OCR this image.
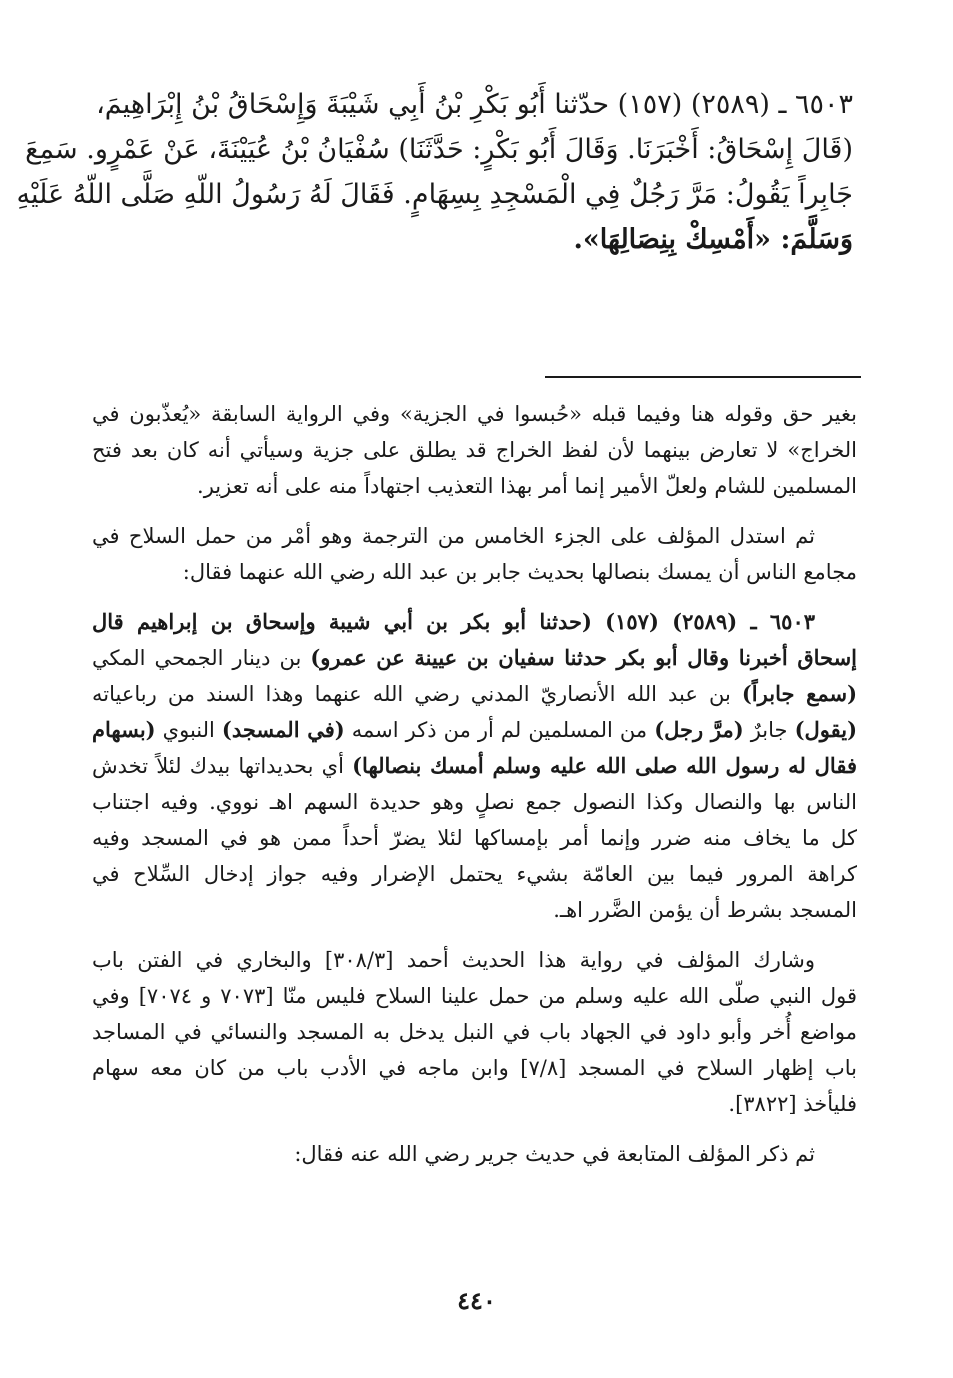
٦٥٠٣ ـ (٢٥٨٩) (١٥٧) حدّثنا أَبُو بَكْرِ بْنُ أَبِي شَيْبَةَ وَإِسْحَاقُ بْنُ إِبْرَاهِيمَ،
(قَالَ إِسْحَاقُ: أَخْبَرَنَا. وَقَالَ أَبُو بَكْرٍ: حَدَّثَنَا) سُفْيَانُ بْنُ عُيَيْنَةَ، عَنْ عَمْرٍو. سَمِعَ
جَابِراً يَقُولُ: مَرَّ رَجُلٌ فِي الْمَسْجِدِ بِسِهَامٍ. فَقَالَ لَهُ رَسُولُ اللّهِ صَلَّى اللّهُ عَلَيْهِ
وَسَلَّمَ: «أَمْسِكْ بِنِصَالِهَا».
بغير حق وقوله هنا وفيما قبله «حُبسوا في الجزية» وفي الرواية السابقة «يُعذّبون في
الخراج» لا تعارض بينهما لأن لفظ الخراج قد يطلق على جزية وسيأتي أنه كان بعد فتح
المسلمين للشام ولعلّ الأمير إنما أمر بهذا التعذيب اجتهاداً منه على أنه تعزير.
ثم استدل المؤلف على الجزء الخامس من الترجمة وهو أمْر من حمل السلاح في
مجامع الناس أن يمسك بنصالها بحديث جابر بن عبد الله رضي الله عنهما فقال:
٦٥٠٣ ـ (٢٥٨٩) (١٥٧) (حدثنا أبو بكر بن أبي شيبة وإسحاق بن إبراهيم قال
إسحاق أخبرنا وقال أبو بكر حدثنا سفيان بن عيينة عن عمرو) بن دينار الجمحي المكي
(سمع جابراً) بن عبد الله الأنصاريّ المدني رضي الله عنهما وهذا السند من رباعياته
(يقول) جابرٌ (مرَّ رجل) من المسلمين لم أر من ذكر اسمه (في المسجد) النبوي (بسهام
فقال له رسول الله صلى الله عليه وسلم أمسك بنصالها) أي بحديداتها بيدك لئلاً تخدش
الناس بها والنصال وكذا النصول جمع نصلٍ وهو حديدة السهم اهـ نووي. وفيه اجتناب
كل ما يخاف منه ضرر وإنما أمر بإمساكها لئلا يضرّ أحداً ممن هو في المسجد وفيه
كراهة المرور فيما بين العامّة بشيء يحتمل الإضرار وفيه جواز إدخال السِّلاح في
المسجد بشرط أن يؤمن الضَّرر اهـ.
وشارك المؤلف في رواية هذا الحديث أحمد [٣٠٨/٣] والبخاري في الفتن باب
قول النبي صلّى الله عليه وسلم من حمل علينا السلاح فليس منّا [٧٠٧٣ و ٧٠٧٤] وفي
مواضع أُخر وأبو داود في الجهاد باب في النبل يدخل به المسجد والنسائي في المساجد
باب إظهار السلاح في المسجد [٧/٨] وابن ماجه في الأدب باب من كان معه سهام
فليأخذ [٣٨٢٢].
ثم ذكر المؤلف المتابعة في حديث جرير رضي الله عنه فقال:
٤٤٠
